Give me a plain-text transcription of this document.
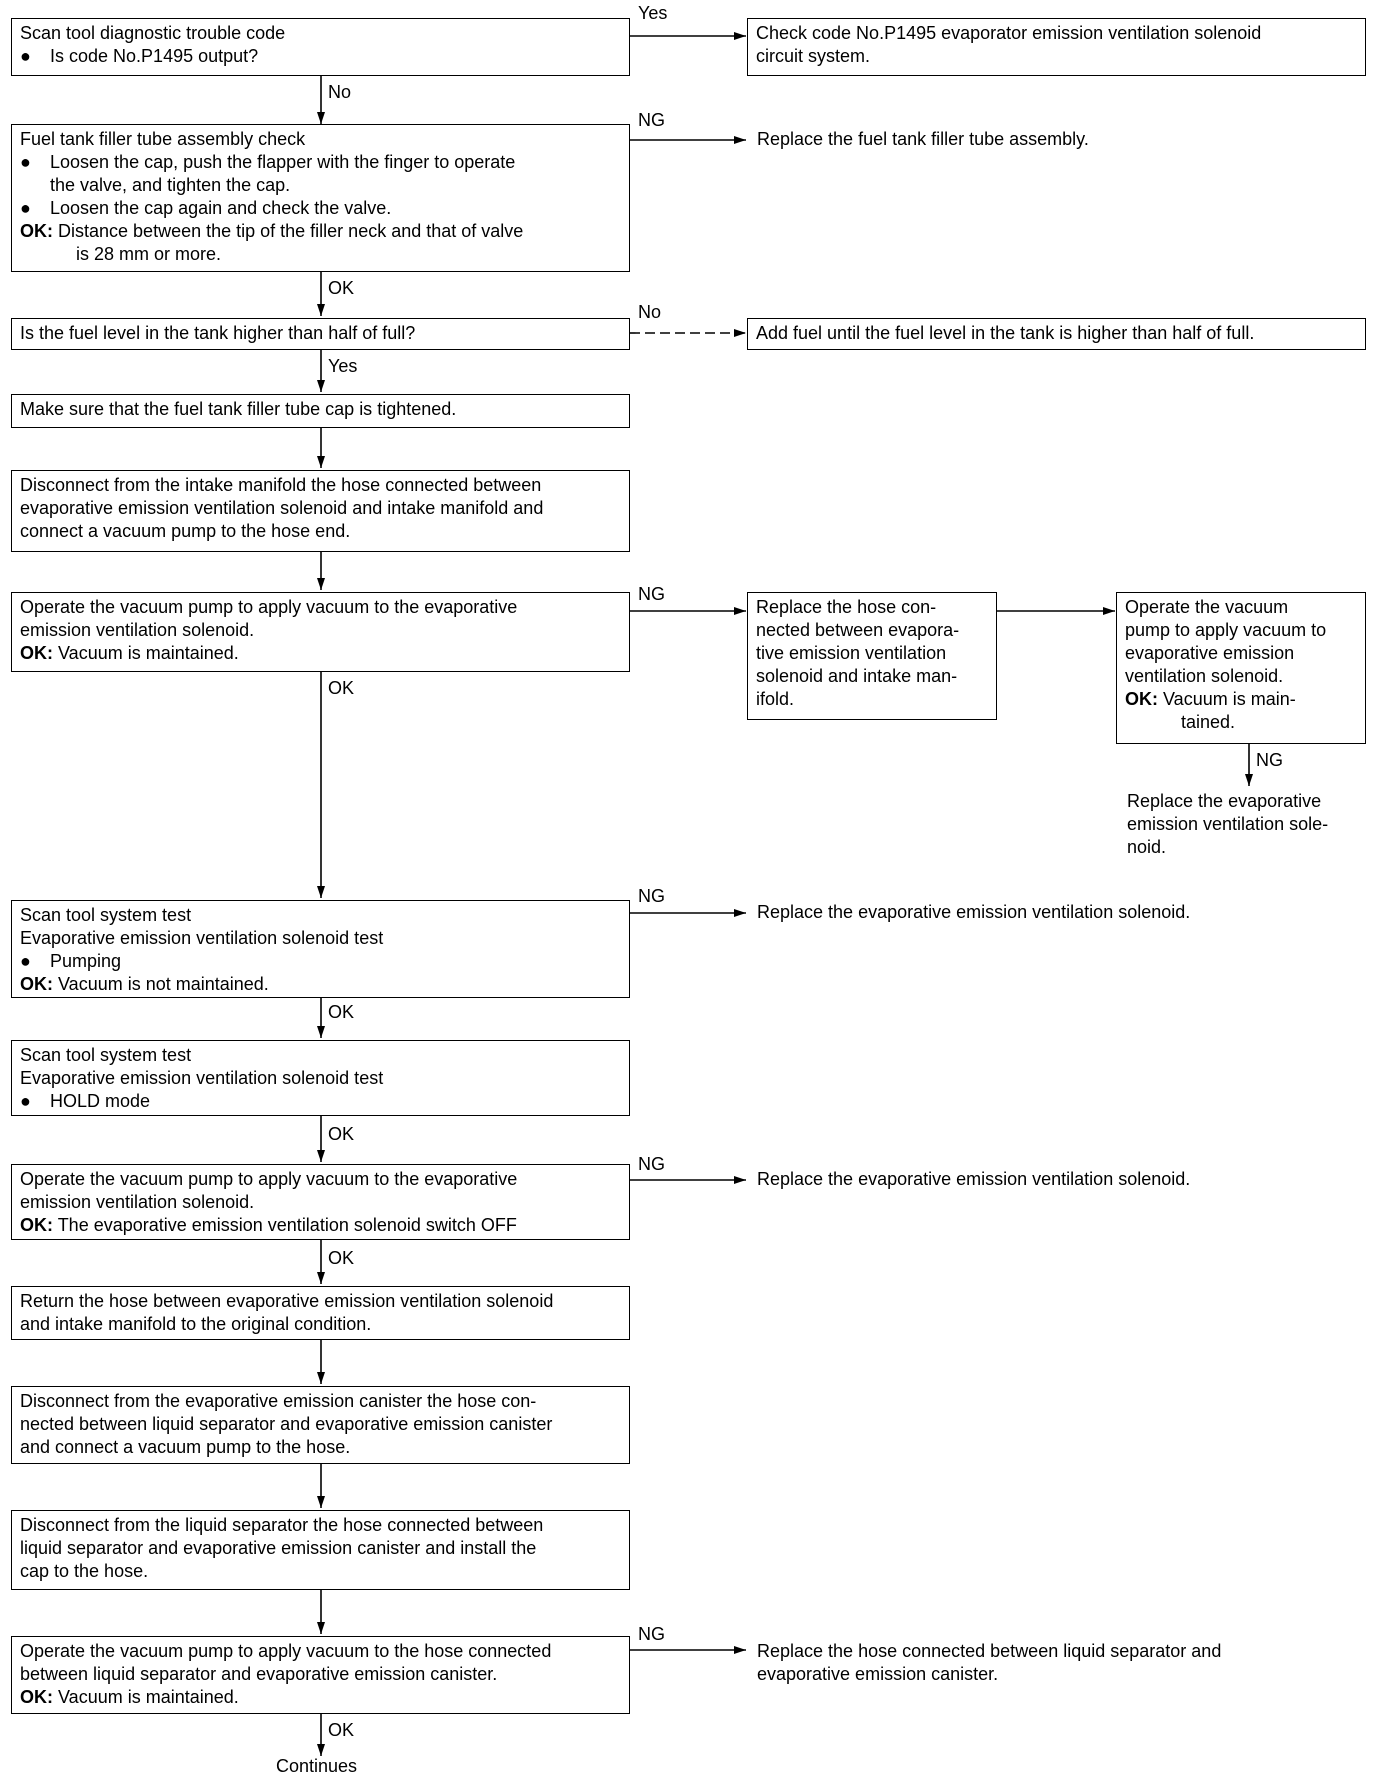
Scan tool diagnostic trouble code

● Is code No.P1495 output?

Check code No.P1495 evaporator emission ventilation solenoid

circuit system.

Fuel tank filler tube assembly check

● Loosen the cap, push the flapper with the finger to operate

the valve, and tighten the cap.

● Loosen the cap again and check the valve.

OK: Distance between the tip of the filler neck and that of valve

is 28 mm or more.

Replace the fuel tank filler tube assembly.

Is the fuel level in the tank higher than half of full?	Add fuel until the fuel level in the tank is higher than half of full.

Make sure that the fuel tank filler tube cap is tightened.

Disconnect from the intake manifold the hose connected between

evaporative emission ventilation solenoid and intake manifold and

connect a vacuum pump to the hose end.

Operate the vacuum pump to apply vacuum to the evaporative

emission ventilation solenoid.

OK: Vacuum is maintained.

Replace the hose con-

nected between evapora-

tive emission ventilation

solenoid and intake man-

ifold.

Operate the vacuum

pump to apply vacuum to

evaporative emission

ventilation solenoid.

OK: Vacuum is main-

tained.

Replace the evaporative

emission ventilation sole-

noid.

Scan tool system test

Evaporative emission ventilation solenoid test

● Pumping

OK: Vacuum is not maintained.

Replace the evaporative emission ventilation solenoid.

Scan tool system test

Evaporative emission ventilation solenoid test

● HOLD mode

Operate the vacuum pump to apply vacuum to the evaporative

emission ventilation solenoid.

OK: The evaporative emission ventilation solenoid switch OFF

Replace the evaporative emission ventilation solenoid.

Return the hose between evaporative emission ventilation solenoid

and intake manifold to the original condition.

Disconnect from the evaporative emission canister the hose con-

nected between liquid separator and evaporative emission canister

and connect a vacuum pump to the hose.

Disconnect from the liquid separator the hose connected between

liquid separator and evaporative emission canister and install the

cap to the hose.

Operate the vacuum pump to apply vacuum to the hose connected

between liquid separator and evaporative emission canister.

OK: Vacuum is maintained.

Replace the hose connected between liquid separator and

evaporative emission canister.

Yes
No
NG
OK
No
Yes
NG
OK
NG
NG
OK
OK
NG
OK
NG
OK
Continues
